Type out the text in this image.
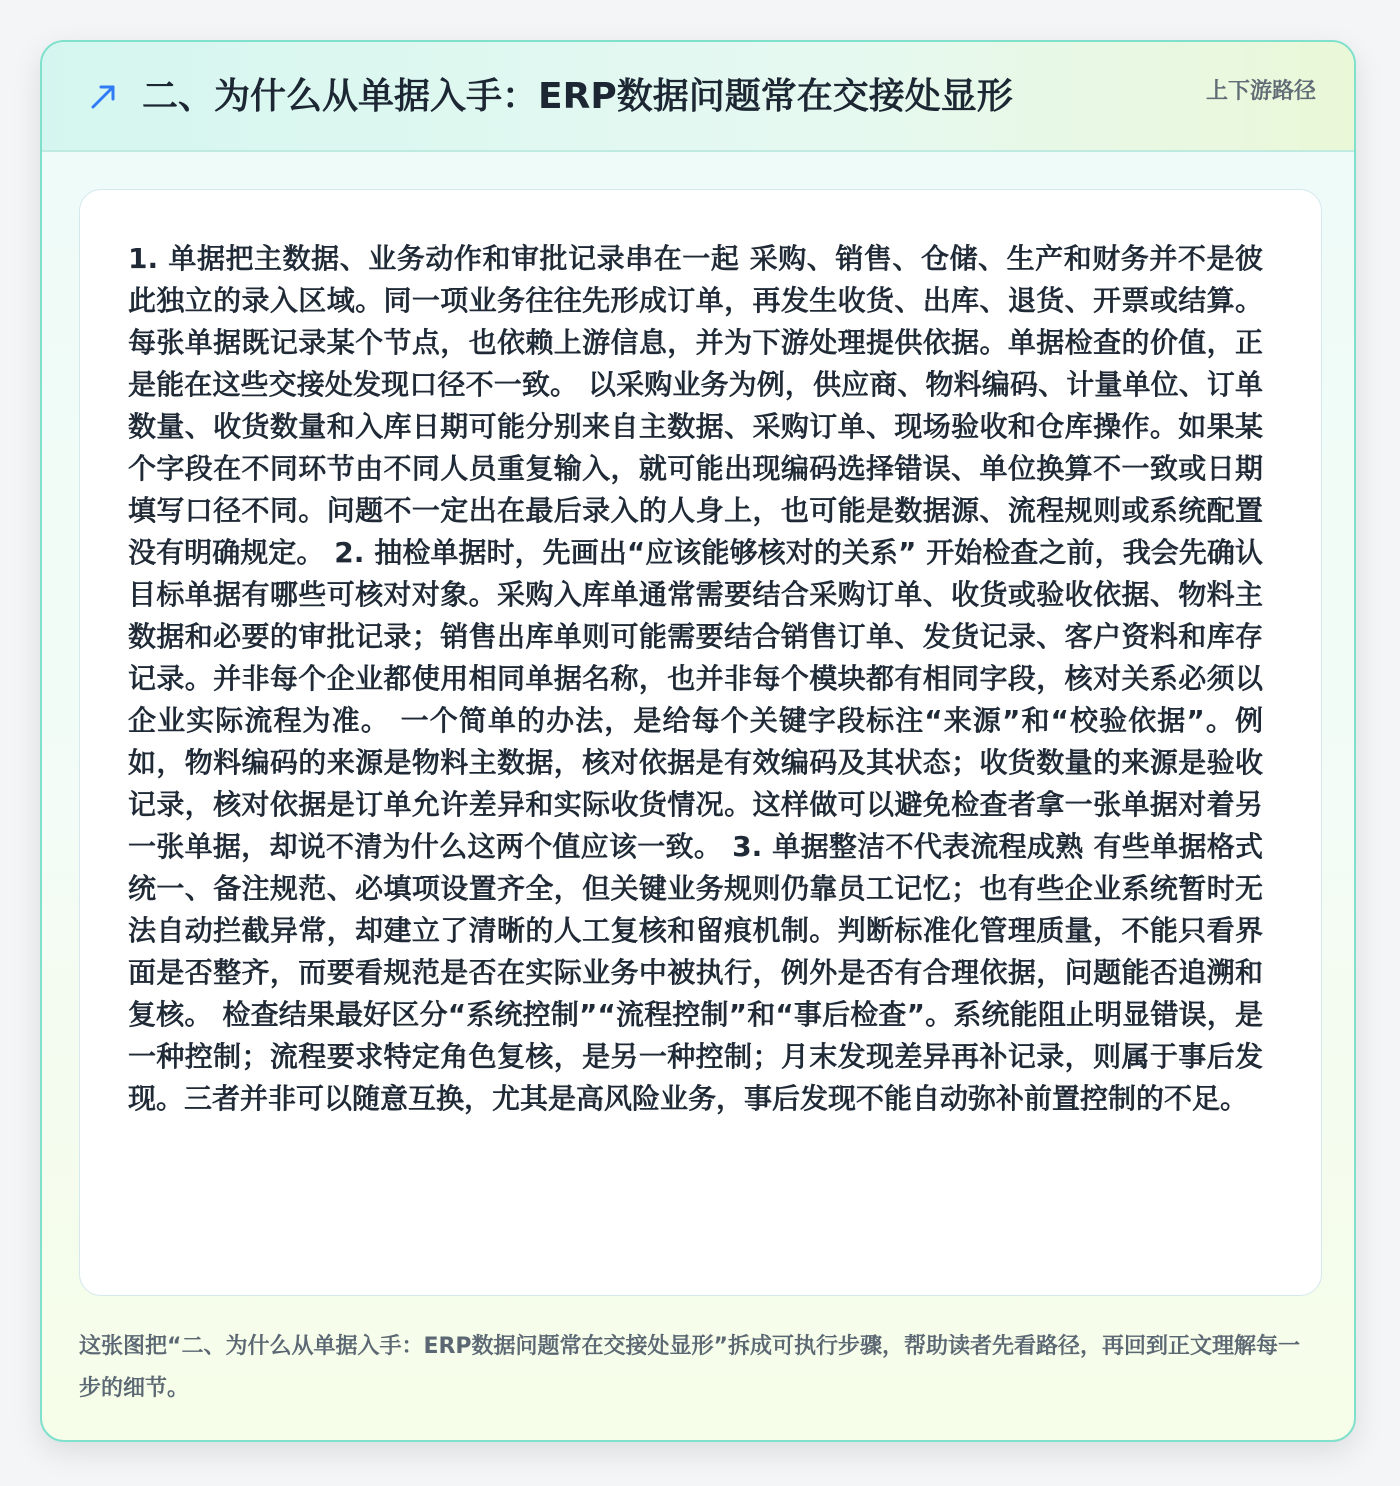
二、为什么从单据入手：ERP数据问题常在交接处显形	上下游路径

1. 单据把主数据、业务动作和审批记录串在一起 采购、销售、仓储、生产和财务并不是彼此独立的录入区域。同一项业务往往先形成订单，再发生收货、出库、退货、开票或结算。每张单据既记录某个节点，也依赖上游信息，并为下游处理提供依据。单据检查的价值，正是能在这些交接处发现口径不一致。 以采购业务为例，供应商、物料编码、计量单位、订单数量、收货数量和入库日期可能分别来自主数据、采购订单、现场验收和仓库操作。如果某个字段在不同环节由不同人员重复输入，就可能出现编码选择错误、单位换算不一致或日期填写口径不同。问题不一定出在最后录入的人身上，也可能是数据源、流程规则或系统配置没有明确规定。 2. 抽检单据时，先画出“应该能够核对的关系” 开始检查之前，我会先确认目标单据有哪些可核对对象。采购入库单通常需要结合采购订单、收货或验收依据、物料主数据和必要的审批记录；销售出库单则可能需要结合销售订单、发货记录、客户资料和库存记录。并非每个企业都使用相同单据名称，也并非每个模块都有相同字段，核对关系必须以企业实际流程为准。 一个简单的办法，是给每个关键字段标注“来源”和“校验依据”。例如，物料编码的来源是物料主数据，核对依据是有效编码及其状态；收货数量的来源是验收记录，核对依据是订单允许差异和实际收货情况。这样做可以避免检查者拿一张单据对着另一张单据，却说不清为什么这两个值应该一致。 3. 单据整洁不代表流程成熟 有些单据格式统一、备注规范、必填项设置齐全，但关键业务规则仍靠员工记忆；也有些企业系统暂时无法自动拦截异常，却建立了清晰的人工复核和留痕机制。判断标准化管理质量，不能只看界面是否整齐，而要看规范是否在实际业务中被执行，例外是否有合理依据，问题能否追溯和复核。 检查结果最好区分“系统控制”“流程控制”和“事后检查”。系统能阻止明显错误，是一种控制；流程要求特定角色复核，是另一种控制；月末发现差异再补记录，则属于事后发现。三者并非可以随意互换，尤其是高风险业务，事后发现不能自动弥补前置控制的不足。

这张图把“二、为什么从单据入手：ERP数据问题常在交接处显形”拆成可执行步骤，帮助读者先看路径，再回到正文理解每一步的细节。
